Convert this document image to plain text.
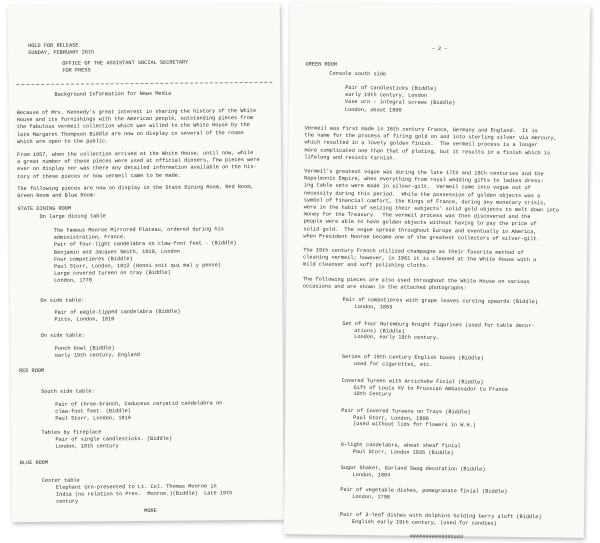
HOLD FOR RELEASE
SUNDAY, FEBRUARY 26th
OFFICE OF THE ASSISTANT SOCIAL SECRETARY
FOR PRESS
Background Information for News Media
Because of Mrs. Kennedy's great interest in sharing the history of the White
House and its furnishings with the American people, outstanding pieces from
the fabulous vermeil collection which was willed to the White House by the
late Margaret Thompson Biddle are now on display in several of the rooms
which are open to the public.
From 1957, when the collection arrived at the White House, until now, while
a great number of these pieces were used at official dinners, few pieces were
ever on display nor was there any detailed information available on the his-
tory of these pieces or how vermeil came to be made.
The following pieces are now on display in the State Dining Room, Red Room,
Green Room and Blue Room:
STATE DINING ROOM
On large dining table
The famous Monroe Mirrored Plateau, ordered during his
administration, France.
Pair of four-light candelabra on claw-foot feet - (Biddle)
Benjamin and Jacques Smith, 1810, London
Four compotieres (Biddle)
Paul Storr, London, 1812 (Honni soit qui mal y pense)
Large covered tureen on tray (Biddle)
London, 1778
On side table:
Pair of eagle-tipped candelabra (Biddle)
Pitts, London, 1810
On side table:
Punch bowl (Biddle)
early 19th century, England
RED ROOM
South side table:
Pair of three-branch, Caduceus caryatid candelabra on
claw-foot feet. (Biddle)
Paul Storr, London, 1810
Tables by fireplace
Pair of single candlesticks. (Biddle)
London, 18th century
BLUE ROOM
Center table
Elephant Urn-presented to Lt. Col. Thomas Monroe in
India (no relation to Pres.  Monroe.)(Biddle)  Late 19th
century
MORE
- 2 -
GREEN ROOM
Console south side
Pair of candlesticks (Biddle)
early 19th century, London
Vase urn - integral screws (Biddle)
London, about 1800
Vermeil was first made in 16th century France, Germany and England.  It is
the name for the process of firing gold on and into sterling silver via mercury,
which resulted in a lovely golden finish.  The vermeil process is a longer
more complicated one than that of plating, but it results in a finish which is
lifelong and resists tarnish.
Vermeil's greatest vogue was during the late 17th and 18th centuries and the
Napoleonic Empire, when everything from royal wedding gifts to ladies dress-
ing table sets were made in silver-gilt.  Vermeil came into vogue out of
necessity during this period.  While the possession of golden objects was a
symbol of financial comfort, the Kings of France, during any monetary crisis,
were in the habit of seizing their subjects' solid gold objects to melt down into
money for the Treasury.  The vermeil process was then discovered and the
people were able to have golden objects without having to pay the price of
solid gold.  The vogue spread throughout Europe and eventually in America,
when President Monroe became one of the greatest collectors of silver-gilt.
The 19th century French utilized champagne as their favorite method of
cleaning vermeil; however, in 1961 it is cleaned at the White House with a
mild cleanser and soft polishing cloths.
The following pieces are also used throughout the White House on various
occasions and are shown in the attached photographs:
Pair of compotieres with grape leaves curving upwards (Biddle)
London, 1863
Set of Four Nuremburg Knight figurines (used for table decor-
ations) (Biddle)
London, early 19th century.
Series of 19th century English boxes (Biddle)
used for cigarettes, etc.
Covered Tureen with Artichoke Finial (Biddle)
Gift of Louis XV to Prussian Ambassador to France
18th Century
Pair of Covered Tureens on Trays (Biddle)
Paul Storr, London, 1806
(used without lids for flowers in W.H.)
6-light candelabra, wheat sheaf finial
Paul Storr, London 1835 (Biddle)
Sugar Shaker, Garland Swag decoration (Biddle)
London, 1804
Pair of vegetable dishes, pomegranate finial (Biddle)
London, 1798
Pair of 3-leaf dishes with dolphins holding berry aloft (Biddle)
English early 19th century, (used for candies)
#################
